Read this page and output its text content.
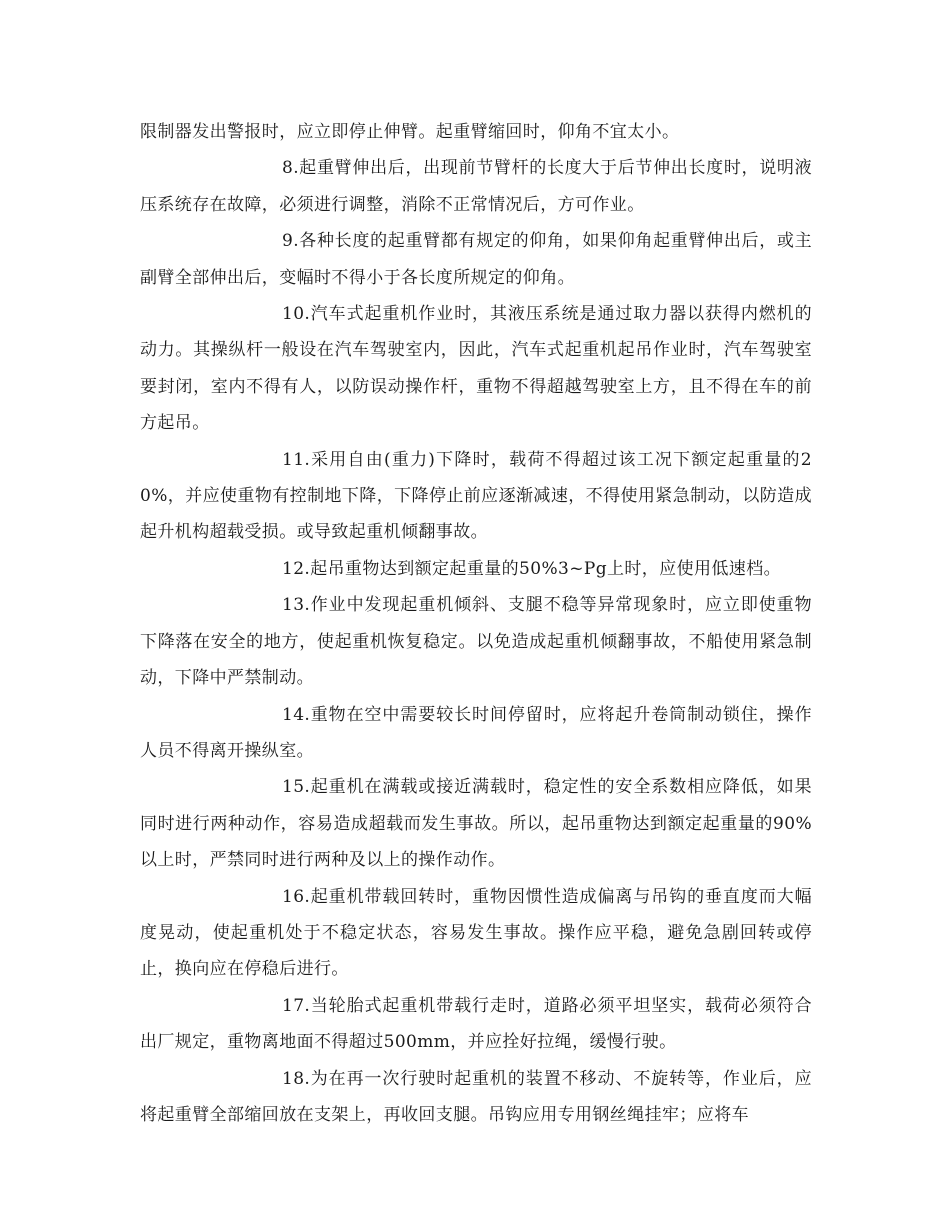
限制器发出警报时，应立即停止伸臂。起重臂缩回时，仰角不宜太小。

8.起重臂伸出后，出现前节臂杆的长度大于后节伸出长度时，说明液压系统存在故障，必须进行调整，消除不正常情况后，方可作业。

9.各种长度的起重臂都有规定的仰角，如果仰角起重臂伸出后，或主副臂全部伸出后，变幅时不得小于各长度所规定的仰角。

10.汽车式起重机作业时，其液压系统是通过取力器以获得内燃机的动力。其操纵杆一般设在汽车驾驶室内，因此，汽车式起重机起吊作业时，汽车驾驶室要封闭，室内不得有人，以防误动操作杆，重物不得超越驾驶室上方，且不得在车的前方起吊。

11.采用自由(重力)下降时，载荷不得超过该工况下额定起重量的20%，并应使重物有控制地下降，下降停止前应逐渐减速，不得使用紧急制动，以防造成起升机构超载受损。或导致起重机倾翻事故。

12.起吊重物达到额定起重量的50%3~Pg上时，应使用低速档。

13.作业中发现起重机倾斜、支腿不稳等异常现象时，应立即使重物下降落在安全的地方，使起重机恢复稳定。以免造成起重机倾翻事故，不船使用紧急制动，下降中严禁制动。

14.重物在空中需要较长时间停留时，应将起升卷筒制动锁住，操作人员不得离开操纵室。

15.起重机在满载或接近满载时，稳定性的安全系数相应降低，如果同时进行两种动作，容易造成超载而发生事故。所以，起吊重物达到额定起重量的90%以上时，严禁同时进行两种及以上的操作动作。

16.起重机带载回转时，重物因惯性造成偏离与吊钩的垂直度而大幅度晃动，使起重机处于不稳定状态，容易发生事故。操作应平稳，避免急剧回转或停止，换向应在停稳后进行。

17.当轮胎式起重机带载行走时，道路必须平坦坚实，载荷必须符合出厂规定，重物离地面不得超过500mm，并应拴好拉绳，缓慢行驶。

18.为在再一次行驶时起重机的装置不移动、不旋转等，作业后，应将起重臂全部缩回放在支架上，再收回支腿。吊钩应用专用钢丝绳挂牢；应将车
